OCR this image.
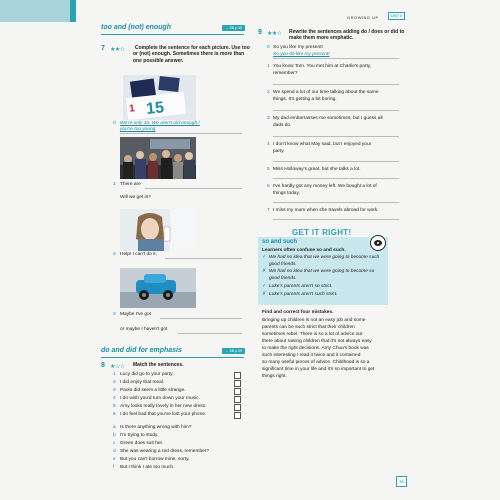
GROWING UP	UNIT 5
too and (not) enough	→ SB p.35
7 ★★☆	Complete the sentence for each picture. Use too or (not) enough. Sometimes there is more than one possible answer.
15
1
0 We're only 16. We aren't old enough /
you're too young
1 There are
Will we get in?
2 Help! I can't do it,
3 Maybe I've got
or maybe I haven't got
do and did for emphasis	→ SB p.39
8 ★☆☆ Match the sentences.
1 Lucy did go to your party.
2 I did enjoy that meal.
3 Paolo did seem a little strange.
4 I do wish you'd turn down your music.
5 Amy looks really lovely in her new dress.
6 I do feel bad that you've lost your phone.
a Is there anything wrong with him?
b I'm trying to study.
c Green does suit her.
d She was wearing a red dress, remember?
e But you can't borrow mine, sorry.
f But I think I ate too much.
9 ★★☆ Rewrite the sentences adding do / does or did to make them more emphatic.
0 So you like my present!
So you do like my present!
1 You know Tom. You met him at Charlie's party,
remember?
2 We spend a lot of our time talking about the same
things. It's getting a bit boring.
3 My dad embarrasses me sometimes, but I guess all
dads do.
4 I don't know what May said, but I enjoyed your
party.
5 Miss Holloway's great, but she talks a lot.
6 I've hardly got any money left. We bought a lot of
things today.
7 I miss my mum when she travels abroad for work.
GET IT RIGHT!
so and such
Learners often confuse so and such.
✓ We had no idea that we were going to become such
good friends.
✗ We had no idea that we were going to become so
good friends.
✓ Luke's parents aren't so strict.
✗ Luke's parents aren't such strict.
Find and correct four mistakes.
Bringing up children is not an easy job and some
parents can be such strict that their children
sometimes rebel. There is so a lot of advice out
there about raising children that it's not always easy
to make the right decisions. Amy Chua's book was
such interesting I read it twice and it contained
so many useful pieces of advice. Childhood is so a
significant time in your life and it's so important to get
things right.
39
